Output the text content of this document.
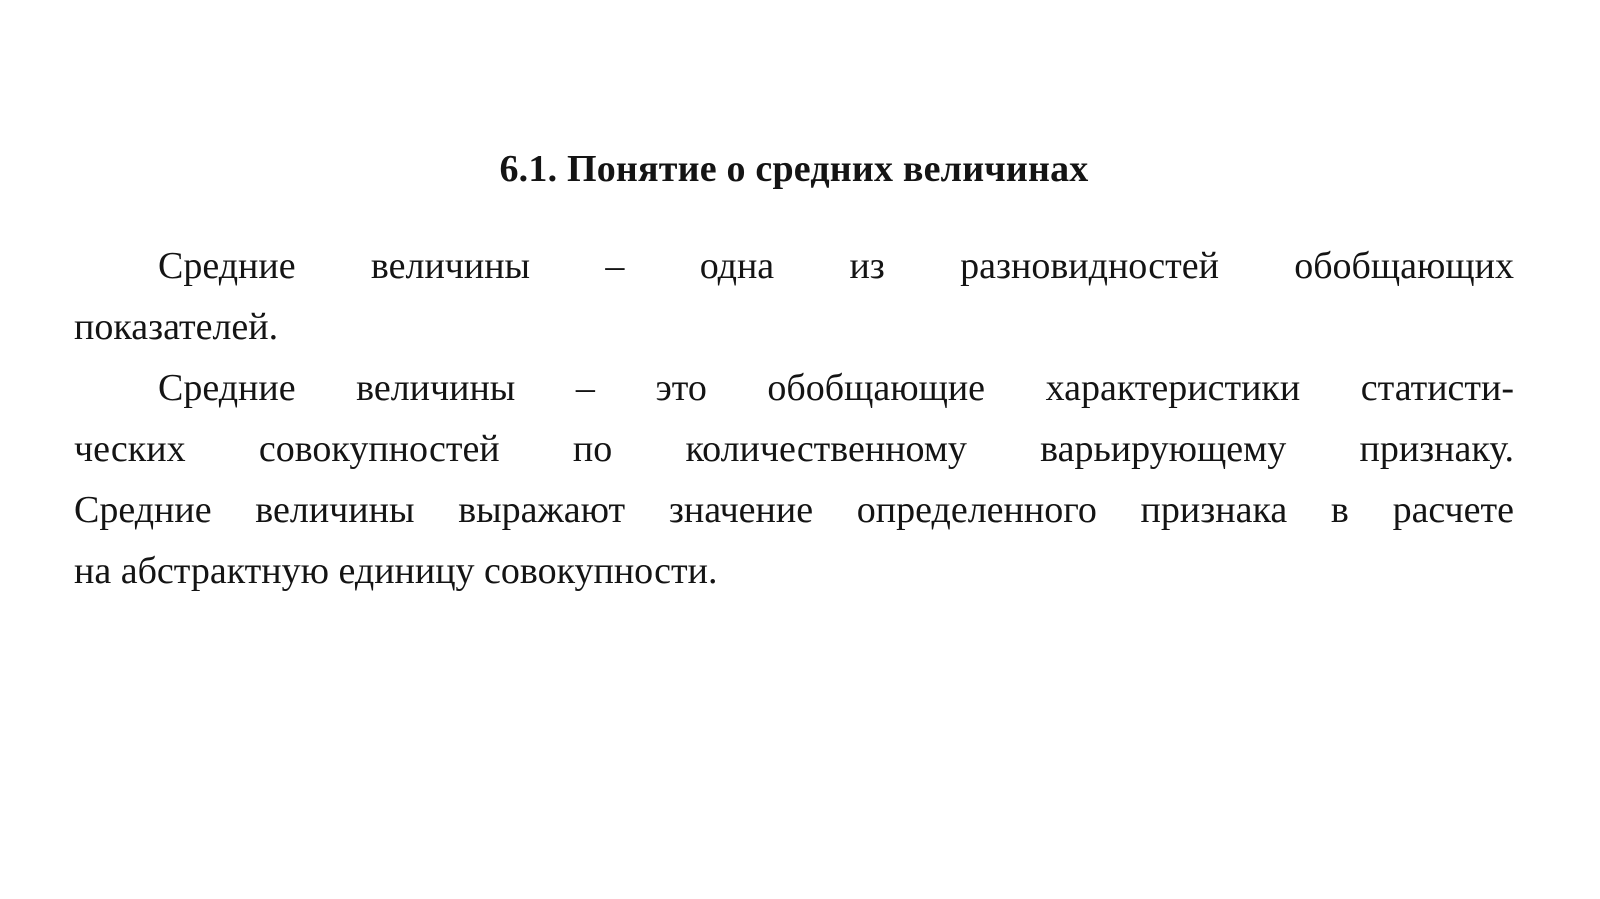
6.1. Понятие о средних величинах

Средние величины – одна из разновидностей обобщающих
показателей.

Средние величины – это обобщающие характеристики статисти-
ческих совокупностей по количественному варьирующему признаку.
Средние величины выражают значение определенного признака в расчете
на абстрактную единицу совокупности.
